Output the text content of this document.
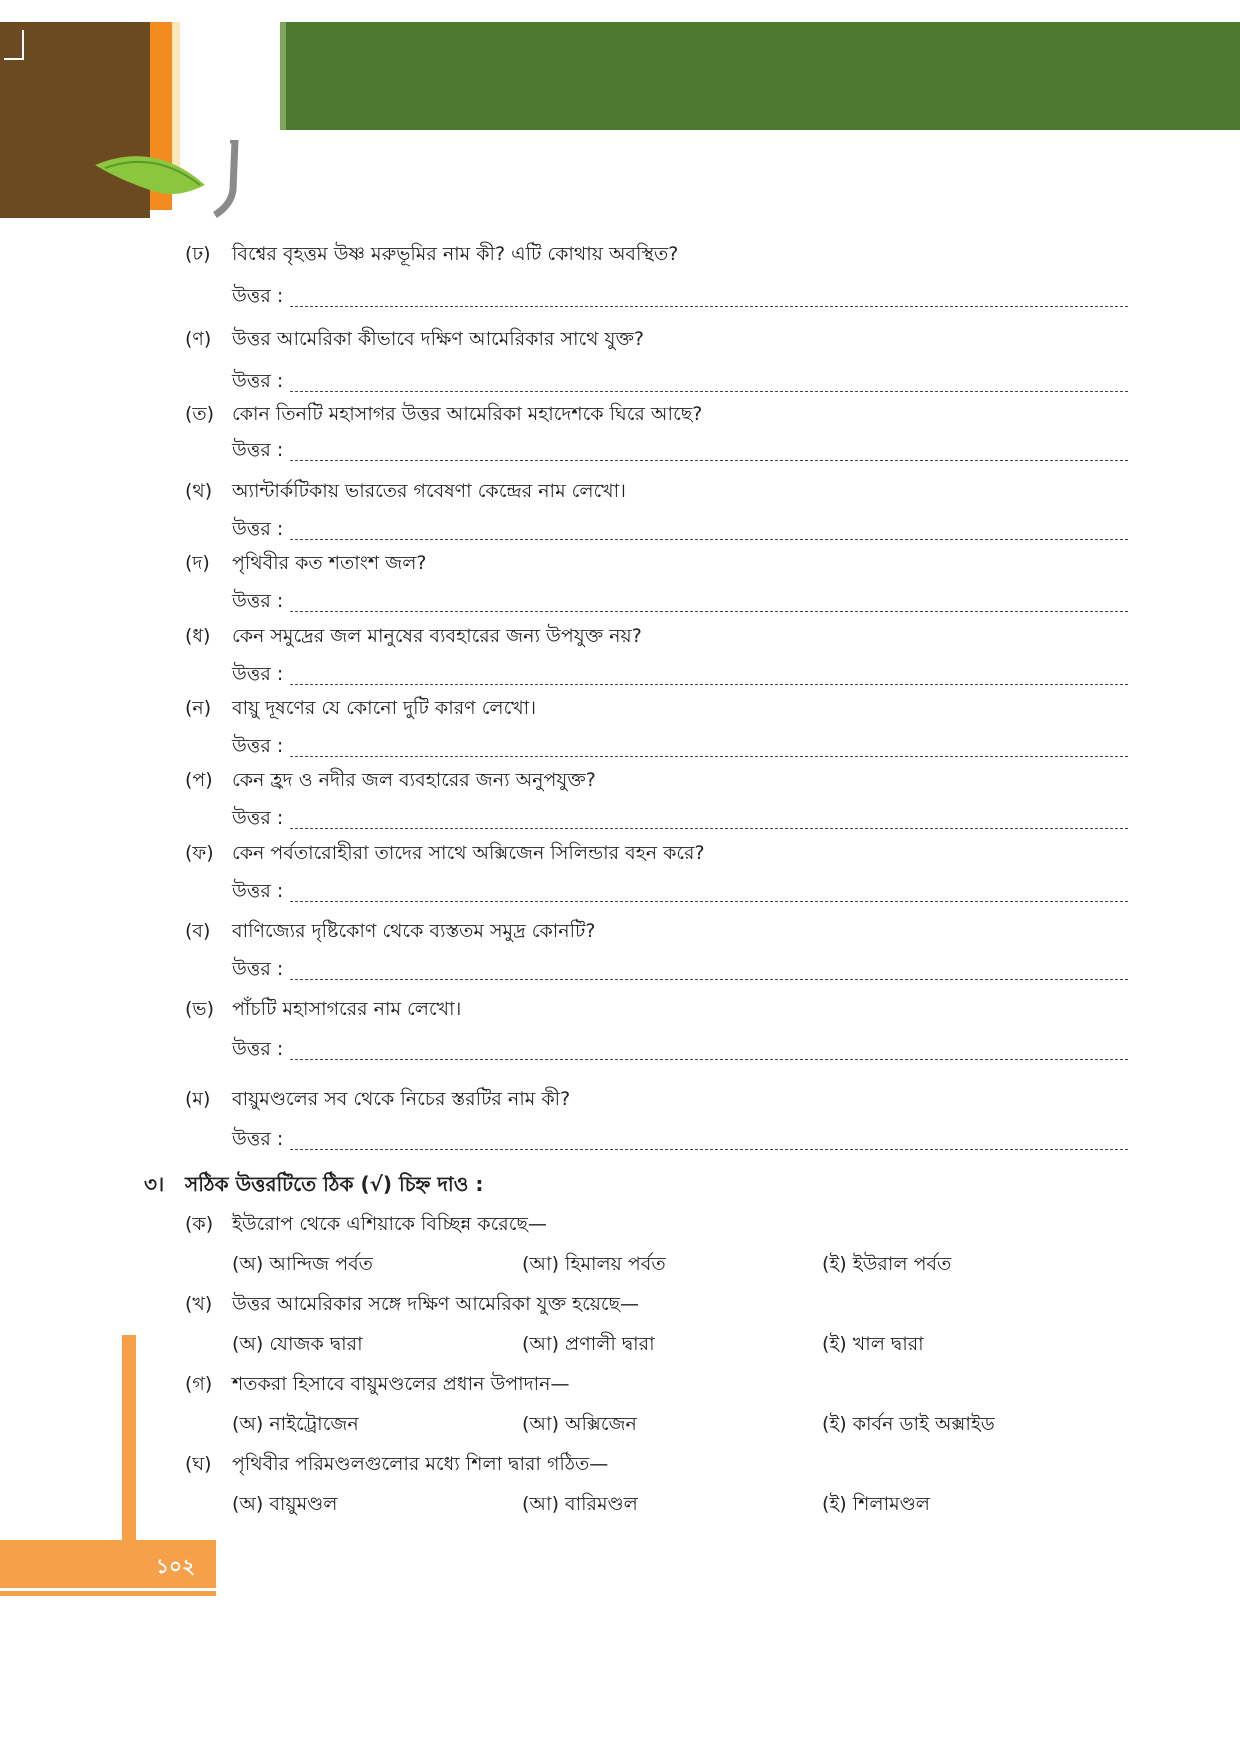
(ঢ) বিশ্বের বৃহত্তম উষ্ণ মরুভূমির নাম কী? এটি কোথায় অবস্থিত?
উত্তর :
(ণ) উত্তর আমেরিকা কীভাবে দক্ষিণ আমেরিকার সাথে যুক্ত?
উত্তর :
(ত) কোন তিনটি মহাসাগর উত্তর আমেরিকা মহাদেশকে ঘিরে আছে?
উত্তর :
(থ) অ্যান্টার্কটিকায় ভারতের গবেষণা কেন্দ্রের নাম লেখো।
উত্তর :
(দ) পৃথিবীর কত শতাংশ জল?
উত্তর :
(ধ) কেন সমুদ্রের জল মানুষের ব্যবহারের জন্য উপযুক্ত নয়?
উত্তর :
(ন) বায়ু দূষণের যে কোনো দুটি কারণ লেখো।
উত্তর :
(প) কেন হ্রদ ও নদীর জল ব্যবহারের জন্য অনুপযুক্ত?
উত্তর :
(ফ) কেন পর্বতারোহীরা তাদের সাথে অক্সিজেন সিলিন্ডার বহন করে?
উত্তর :
(ব) বাণিজ্যের দৃষ্টিকোণ থেকে ব্যস্ততম সমুদ্র কোনটি?
উত্তর :
(ভ) পাঁচটি মহাসাগরের নাম লেখো।
উত্তর :
(ম) বায়ুমণ্ডলের সব থেকে নিচের স্তরটির নাম কী?
উত্তর :
৩। সঠিক উত্তরটিতে ঠিক (√) চিহ্ন দাও :
(ক) ইউরোপ থেকে এশিয়াকে বিচ্ছিন্ন করেছে—
(অ) আন্দিজ পর্বত	(আ) হিমালয় পর্বত	(ই) ইউরাল পর্বত
(খ) উত্তর আমেরিকার সঙ্গে দক্ষিণ আমেরিকা যুক্ত হয়েছে—
(অ) যোজক দ্বারা	(আ) প্রণালী দ্বারা	(ই) খাল দ্বারা
(গ) শতকরা হিসাবে বায়ুমণ্ডলের প্রধান উপাদান—
(অ) নাইট্রোজেন	(আ) অক্সিজেন	(ই) কার্বন ডাই অক্সাইড
(ঘ) পৃথিবীর পরিমণ্ডলগুলোর মধ্যে শিলা দ্বারা গঠিত—
(অ) বায়ুমণ্ডল	(আ) বারিমণ্ডল	(ই) শিলামণ্ডল
১০২
